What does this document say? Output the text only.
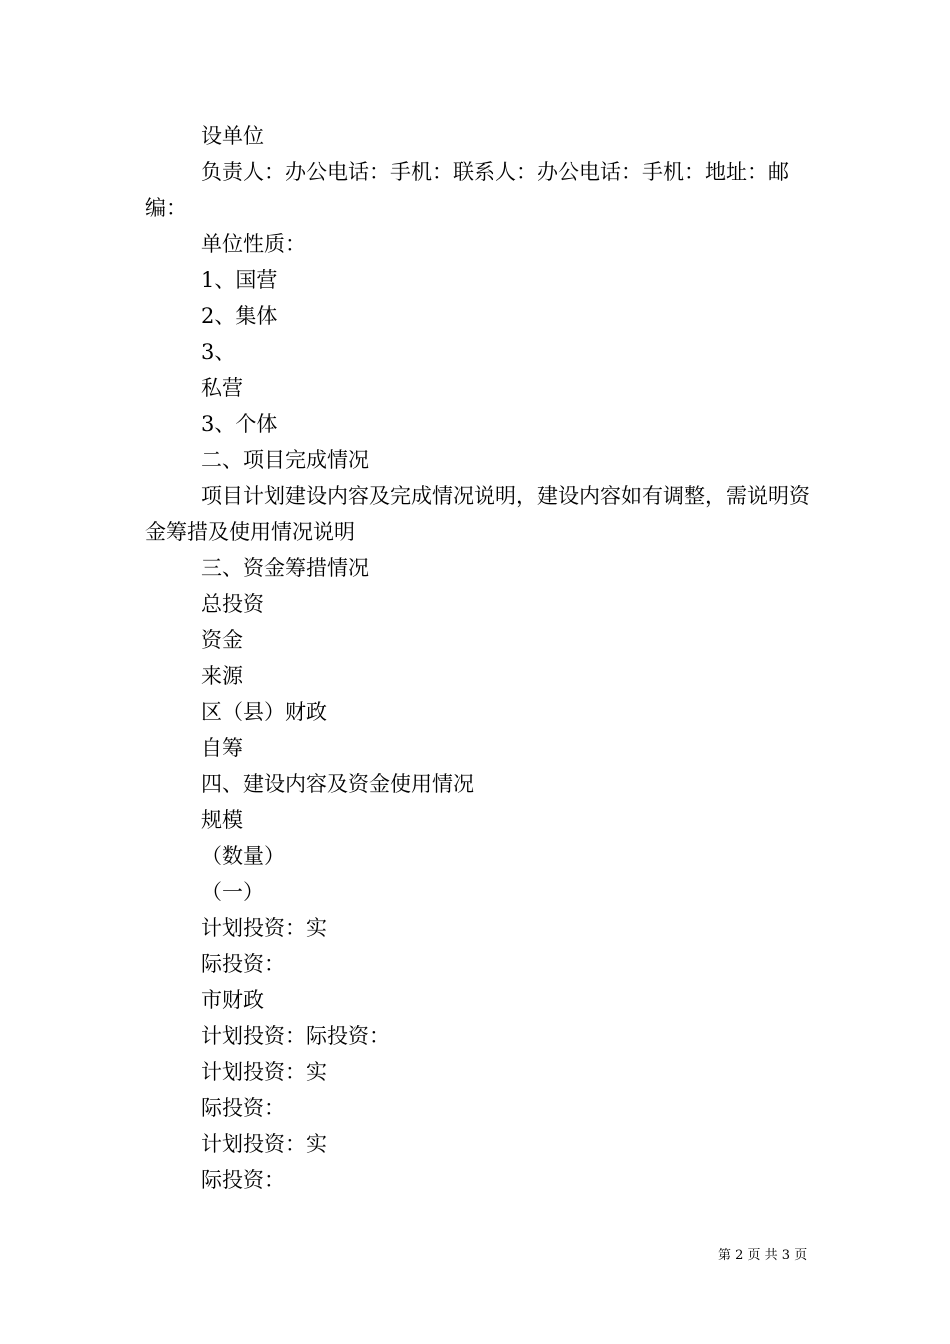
设单位

负责人：办公电话：手机：联系人：办公电话：手机：地址：邮编：

单位性质：

1、国营

2、集体

3、

私营

3、个体

二、项目完成情况

项目计划建设内容及完成情况说明，建设内容如有调整，需说明资金筹措及使用情况说明

三、资金筹措情况

总投资

资金

来源

区（县）财政

自筹

四、建设内容及资金使用情况

规模

（数量）

（一）

计划投资：实

际投资：

市财政

计划投资：际投资：

计划投资：实

际投资：

计划投资：实

际投资：

第 2 页 共 3 页
